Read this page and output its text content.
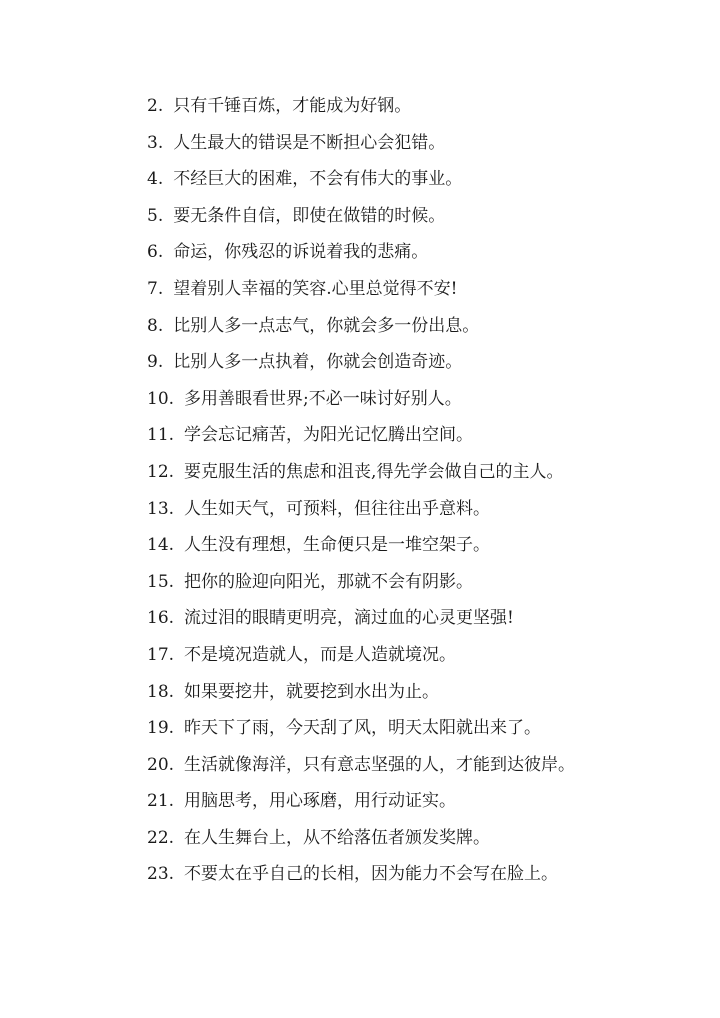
2. 只有千锤百炼，才能成为好钢。
3. 人生最大的错误是不断担心会犯错。
4. 不经巨大的困难，不会有伟大的事业。
5. 要无条件自信，即使在做错的时候。
6. 命运，你残忍的诉说着我的悲痛。
7. 望着别人幸福的笑容.心里总觉得不安!
8. 比别人多一点志气，你就会多一份出息。
9. 比别人多一点执着，你就会创造奇迹。
10. 多用善眼看世界;不必一味讨好别人。
11. 学会忘记痛苦，为阳光记忆腾出空间。
12. 要克服生活的焦虑和沮丧,得先学会做自己的主人。
13. 人生如天气，可预料，但往往出乎意料。
14. 人生没有理想，生命便只是一堆空架子。
15. 把你的脸迎向阳光，那就不会有阴影。
16. 流过泪的眼睛更明亮，滴过血的心灵更坚强!
17. 不是境况造就人，而是人造就境况。
18. 如果要挖井，就要挖到水出为止。
19. 昨天下了雨，今天刮了风，明天太阳就出来了。
20. 生活就像海洋，只有意志坚强的人，才能到达彼岸。
21. 用脑思考，用心琢磨，用行动证实。
22. 在人生舞台上，从不给落伍者颁发奖牌。
23. 不要太在乎自己的长相，因为能力不会写在脸上。
